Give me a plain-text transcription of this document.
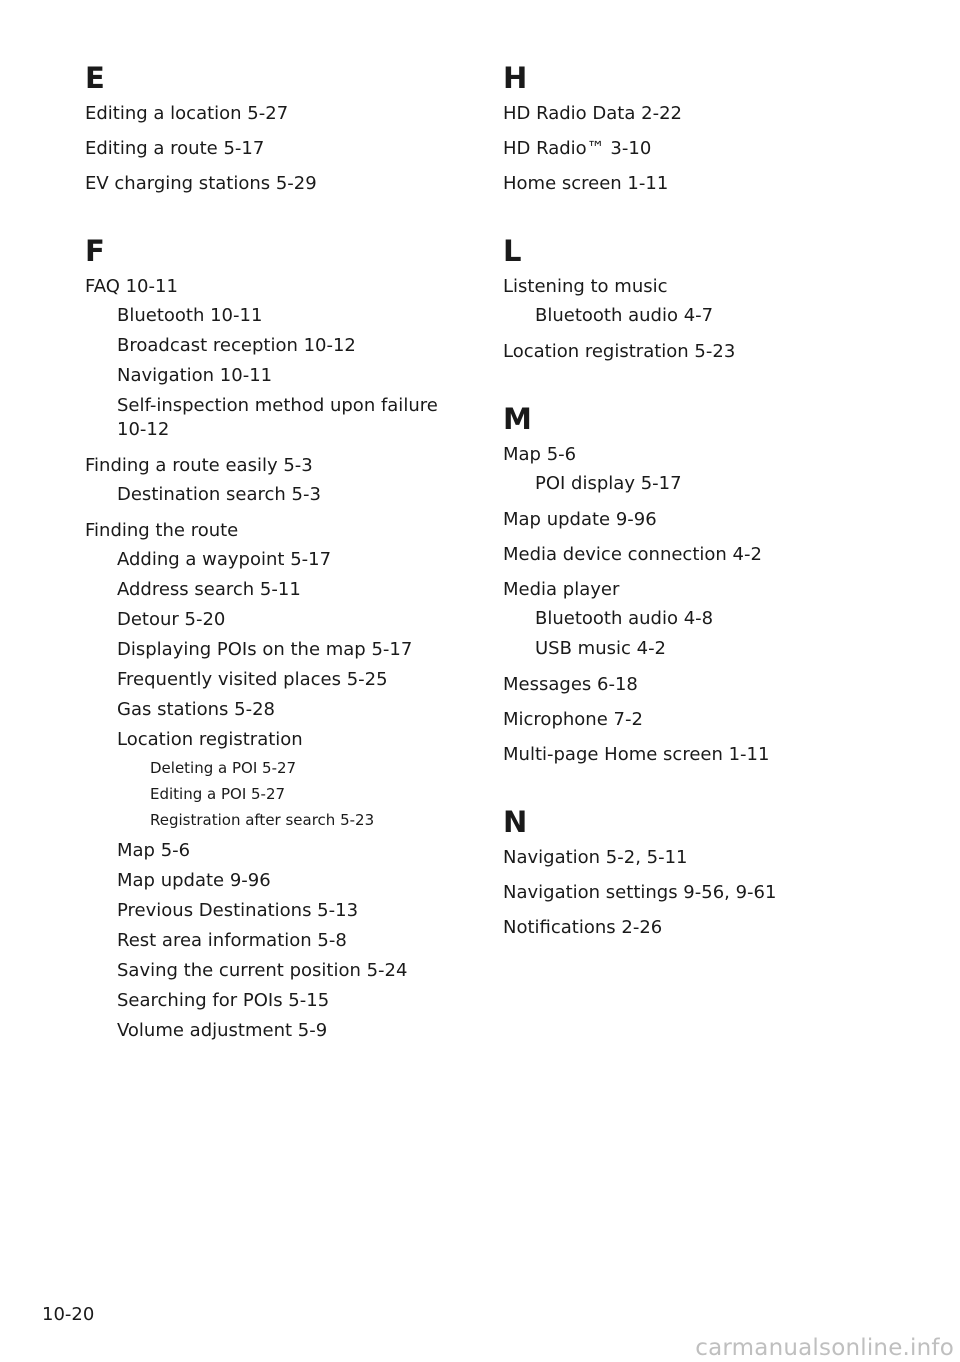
E
Editing a location 5-27
Editing a route 5-17
EV charging stations 5-29
F
FAQ 10-11
Bluetooth 10-11
Broadcast reception 10-12
Navigation 10-11
Self-inspection method upon failure 10-12
Finding a route easily 5-3
Destination search 5-3
Finding the route
Adding a waypoint 5-17
Address search 5-11
Detour 5-20
Displaying POIs on the map 5-17
Frequently visited places 5-25
Gas stations 5-28
Location registration
Deleting a POI 5-27
Editing a POI 5-27
Registration after search 5-23
Map 5-6
Map update 9-96
Previous Destinations 5-13
Rest area information 5-8
Saving the current position 5-24
Searching for POIs 5-15
Volume adjustment 5-9
H
HD Radio Data 2-22
HD Radio™ 3-10
Home screen 1-11
L
Listening to music
Bluetooth audio 4-7
Location registration 5-23
M
Map 5-6
POI display 5-17
Map update 9-96
Media device connection 4-2
Media player
Bluetooth audio 4-8
USB music 4-2
Messages 6-18
Microphone 7-2
Multi-page Home screen 1-11
N
Navigation 5-2, 5-11
Navigation settings 9-56, 9-61
Notifications 2-26
10-20
carmanualsonline.info
